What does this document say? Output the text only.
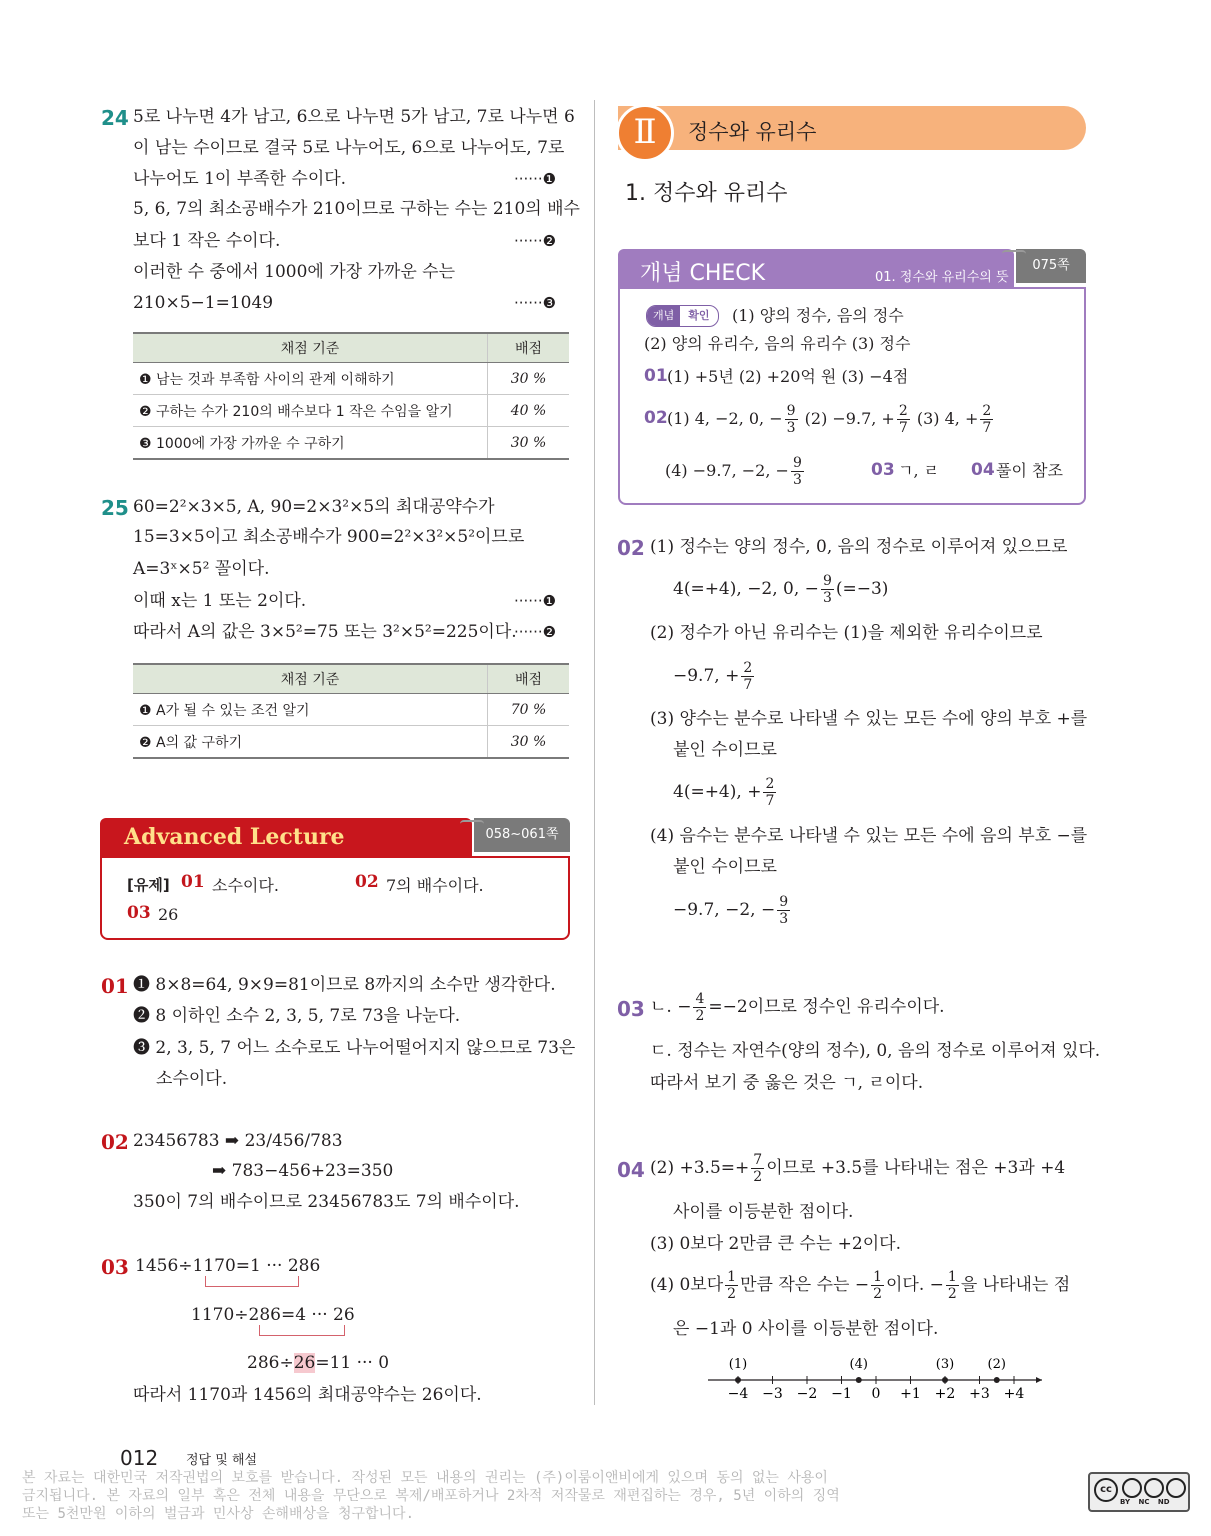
24 5로 나누면 4가 남고, 6으로 나누면 5가 남고, 7로 나누면 6
이 남는 수이므로 결국 5로 나누어도, 6으로 나누어도, 7로
나누어도 1이 부족한 수이다.	······❶
5, 6, 7의 최소공배수가 210이므로 구하는 수는 210의 배수
보다 1 작은 수이다.	······❷
이러한 수 중에서 1000에 가장 가까운 수는
210×5−1=1049	······❸
채점 기준	배점
❶ 남는 것과 부족함 사이의 관계 이해하기	30 %
❷ 구하는 수가 210의 배수보다 1 작은 수임을 알기	40 %
❸ 1000에 가장 가까운 수 구하기	30 %
25 60=2²×3×5, A, 90=2×3²×5의 최대공약수가
15=3×5이고 최소공배수가 900=2²×3²×5²이므로
A=3ˣ×5² 꼴이다.
이때 x는 1 또는 2이다.	······❶
따라서 A의 값은 3×5²=75 또는 3²×5²=225이다.
······❷
채점 기준	배점
❶ A가 될 수 있는 조건 알기	70 %
❷ A의 값 구하기	30 %
Advanced Lecture	058~061쪽
[유제] 01 소수이다.	02 7의 배수이다.
03 26
01 ❶ 8×8=64, 9×9=81이므로 8까지의 소수만 생각한다.
❷ 8 이하인 소수 2, 3, 5, 7로 73을 나눈다.
❸ 2, 3, 5, 7 어느 소수로도 나누어떨어지지 않으므로 73은
소수이다.
02 23456783 ➡ 23/456/783
➡ 783−456+23=350
350이 7의 배수이므로 23456783도 7의 배수이다.
03 1456÷1170=1 ··· 286
1170÷286=4 ··· 26
286÷26=11 ··· 0
따라서 1170과 1456의 최대공약수는 26이다.
Ⅱ	정수와 유리수
1. 정수와 유리수
개념 CHECK	01. 정수와 유리수의 뜻
075쪽
개념 확인	(1) 양의 정수, 음의 정수
(2) 양의 유리수, 음의 유리수 (3) 정수
01 (1) +5년 (2) +20억 원 (3) −4점
02 (1) 4, −2, 0, − $\frac{9}{3} (2) -9.7$, + $\frac{2}{7} (3) 4$, + $\frac{2}{7}$
(4) −9.7, −2, − $\frac{9}{3}$	03 ㄱ, ㄹ 04 풀이 참조
02 (1) 정수는 양의 정수, 0, 음의 정수로 이루어져 있으므로
4(=+4), −2, 0, − $\frac{9}{3} (=-3)$
(2) 정수가 아닌 유리수는 (1)을 제외한 유리수이므로
−9.7, + $\frac{2}{7}$
(3) 양수는 분수로 나타낼 수 있는 모든 수에 양의 부호 +를
붙인 수이므로
4(=+4), + $\frac{2}{7}$
(4) 음수는 분수로 나타낼 수 있는 모든 수에 음의 부호 −를
붙인 수이므로
−9.7, −2, − $\frac{9}{3}$
03 ㄴ. − $\frac{4}{2} =-2$이므로 정수인 유리수이다.
ㄷ. 정수는 자연수(양의 정수), 0, 음의 정수로 이루어져 있다.
따라서 보기 중 옳은 것은 ㄱ, ㄹ이다.
04 $(2) +3.5=+ \frac{7}{2}$ 이므로 +3.5를 나타내는 점은 +3과 +4
사이를 이등분한 점이다.
(3) 0보다 2만큼 큰 수는 +2이다.
(4) 0보다 $\frac{1}{2}$ 만큼 작은 수는 − $\frac{1}{2}$ 이다. − $\frac{1}{2}$ 을 나타내는 점
은 −1과 0 사이를 이등분한 점이다.
−4 −3 −2 −1 0 +1 +2 +3 +4
(1)	(4)	(3)	(2)
012 정답 및 해설
본 자료는 대한민국 저작권법의 보호를 받습니다. 작성된 모든 내용의 권리는 (주)이룸이앤비에게 있으며 동의 없는 사용이
금지됩니다. 본 자료의 일부 혹은 전체 내용을 무단으로 복제/배포하거나 2차적 저작물로 재편집하는 경우, 5년 이하의 징역
또는 5천만원 이하의 벌금과 민사상 손해배상을 청구합니다.
cc
BY NC ND
